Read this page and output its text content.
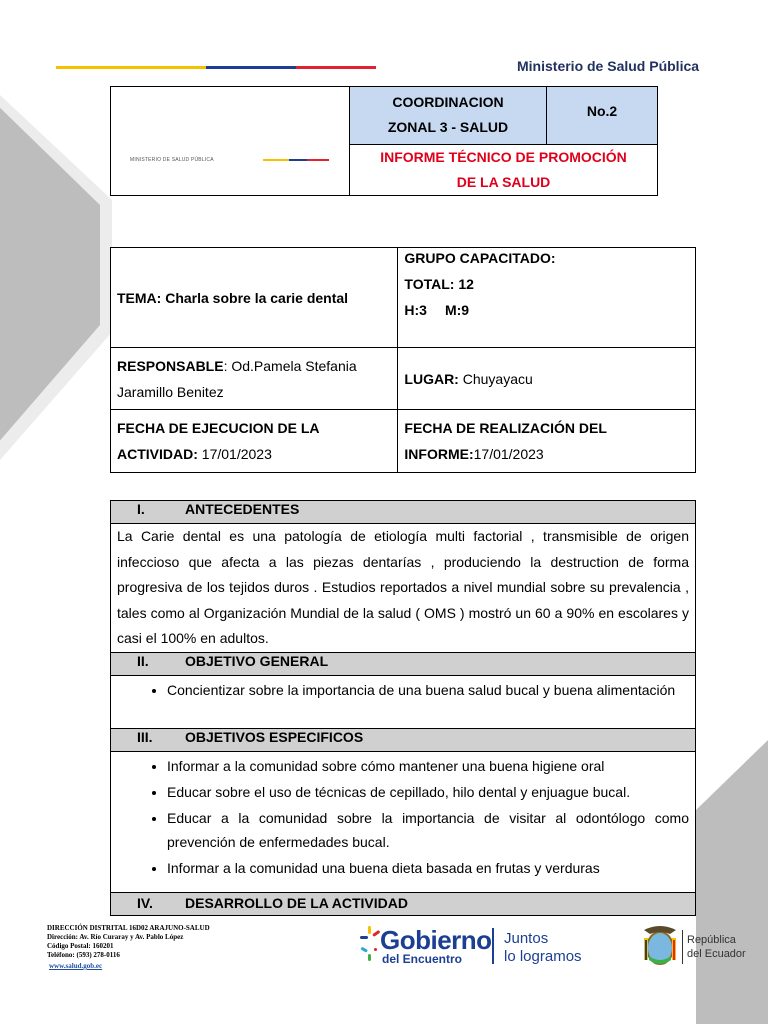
Ministerio de Salud Pública
MINISTERIO DE SALUD PÚBLICA

COORDINACION
ZONAL 3 - SALUD
	No.2

INFORME TÉCNICO DE PROMOCIÓN
DE LA SALUD
TEMA: Charla sobre la carie dental	GRUPO CAPACITADO:
TOTAL: 12
H:3 M:9

RESPONSABLE: Od.Pamela Stefania Jaramillo Benitez	LUGAR: Chuyayacu
FECHA DE EJECUCION DE LA ACTIVIDAD: 17/01/2023	FECHA DE REALIZACIÓN DEL INFORME:17/01/2023
I.	ANTECEDENTES
La Carie dental es una patología de etiología multi factorial , transmisible de origen infeccioso que afecta a las piezas dentarías , produciendo la destruction de forma progresiva de los tejidos duros . Estudios reportados a nivel mundial sobre su prevalencia , tales como al Organización Mundial de la salud ( OMS ) mostró un 60 a 90% en escolares y casi el 100% en adultos.
II.	OBJETIVO GENERAL

• Concientizar sobre la importancia de una buena salud bucal y buena alimentación

III. OBJETIVOS ESPECIFICOS

• Informar a la comunidad sobre cómo mantener una buena higiene oral
• Educar sobre el uso de técnicas de cepillado, hilo dental y enjuague bucal.
• Educar a la comunidad sobre la importancia de visitar al odontólogo como prevención de enfermedades bucal.
• Informar a la comunidad una buena dieta basada en frutas y verduras

IV. DESARROLLO DE LA ACTIVIDAD
DIRECCIÓN DISTRITAL 16D02 ARAJUNO-SALUD
Dirección: Av. Río Curaray y Av. Pablo López
Código Postal: 160201
Teléfono: (593) 278-0116
www.salud.gob.ec
Gobierno
del Encuentro
Juntos
lo logramos
República
del Ecuador
